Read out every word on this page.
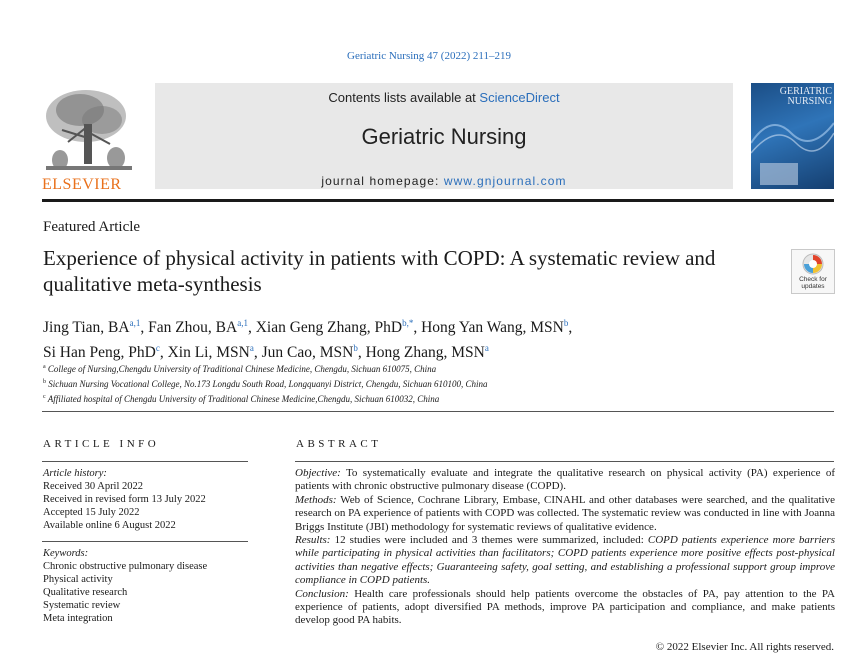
Geriatric Nursing 47 (2022) 211–219
ELSEVIER
Contents lists available at ScienceDirect
Geriatric Nursing
journal homepage: www.gnjournal.com
GERIATRIC NURSING
Featured Article
Experience of physical activity in patients with COPD: A systematic review and qualitative meta-synthesis	Check for updates
Jing Tian, BA$^{a,1}$, Fan Zhou, BA$^{a,1}$, Xian Geng Zhang, PhD$^{b,*}$, Hong Yan Wang, MSN$^b$,
Si Han Peng, PhD$^c$, Xin Li, MSN$^a$, Jun Cao, MSN$^b$, Hong Zhang, MSN$^a$
$^a$ College of Nursing,Chengdu University of Traditional Chinese Medicine, Chengdu, Sichuan 610075, China
$^b$ Sichuan Nursing Vocational College, No.173 Longdu South Road, Longquanyi District, Chengdu, Sichuan 610100, China
$^c$ Affiliated hospital of Chengdu University of Traditional Chinese Medicine,Chengdu, Sichuan 610032, China
ARTICLE INFO
Article history:
Received 30 April 2022
Received in revised form 13 July 2022
Accepted 15 July 2022
Available online 6 August 2022
Keywords:
Chronic obstructive pulmonary disease
Physical activity
Qualitative research
Systematic review
Meta integration
ABSTRACT

Objective: To systematically evaluate and integrate the qualitative research on physical activity (PA) experience of patients with chronic obstructive pulmonary disease (COPD).

Methods: Web of Science, Cochrane Library, Embase, CINAHL and other databases were searched, and the qualitative research on PA experience of patients with COPD was collected. The systematic review was conducted in line with Joanna Briggs Institute (JBI) methodology for systematic reviews of qualitative evidence.

Results: 12 studies were included and 3 themes were summarized, included: COPD patients experience more barriers while participating in physical activities than facilitators; COPD patients experience more positive effects post-physical activities than negative effects; Guaranteeing safety, goal setting, and establishing a professional support group improve compliance in COPD patients.

Conclusion: Health care professionals should help patients overcome the obstacles of PA, pay attention to the PA experience of patients, adopt diversified PA methods, improve PA participation and compliance, and make patients develop good PA habits.

© 2022 Elsevier Inc. All rights reserved.
